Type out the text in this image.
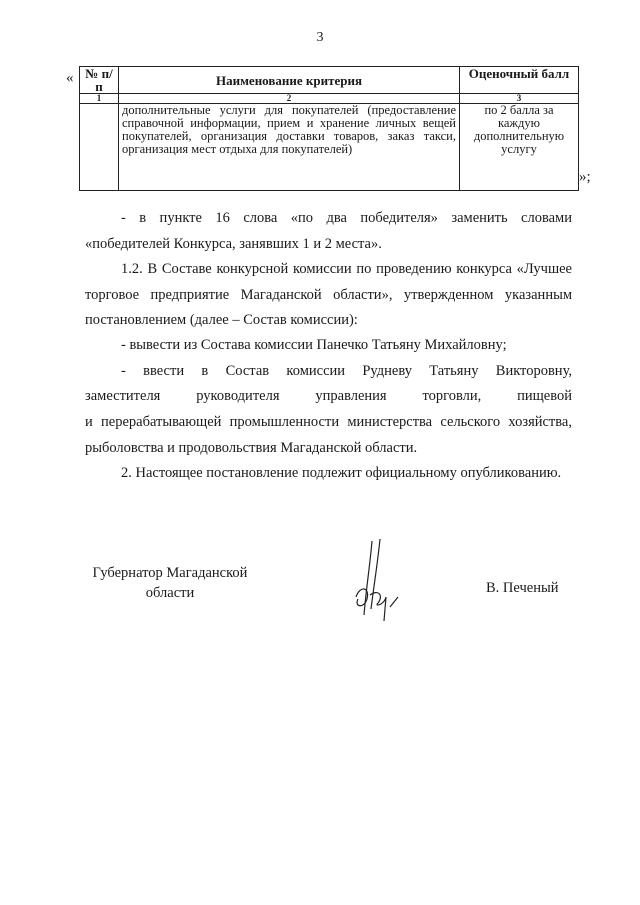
3
« № п/п	Наименование критерия	Оценочный балл
1	2	3
	дополнительные услуги для покупателей (предоставление справочной информации, прием и хранение личных вещей покупателей, организация доставки товаров, заказ такси, организация мест отдыха для покупателей)	по 2 балла за каждую дополнительную услугу
»;
- в пункте 16 слова «по два победителя» заменить словами «победителей Конкурса, занявших 1 и 2 места».
1.2. В Составе конкурсной комиссии по проведению конкурса «Лучшее торговое предприятие Магаданской области», утвержденном указанным постановлением (далее – Состав комиссии):
- вывести из Состава комиссии Панечко Татьяну Михайловну;
- ввести в Состав комиссии Рудневу Татьяну Викторовну,
заместителя руководителя управления торговли, пищевой
и перерабатывающей промышленности министерства сельского хозяйства, рыболовства и продовольствия Магаданской области.
2. Настоящее постановление подлежит официальному опубликованию.
Губернатор Магаданской области	В. Печеный
